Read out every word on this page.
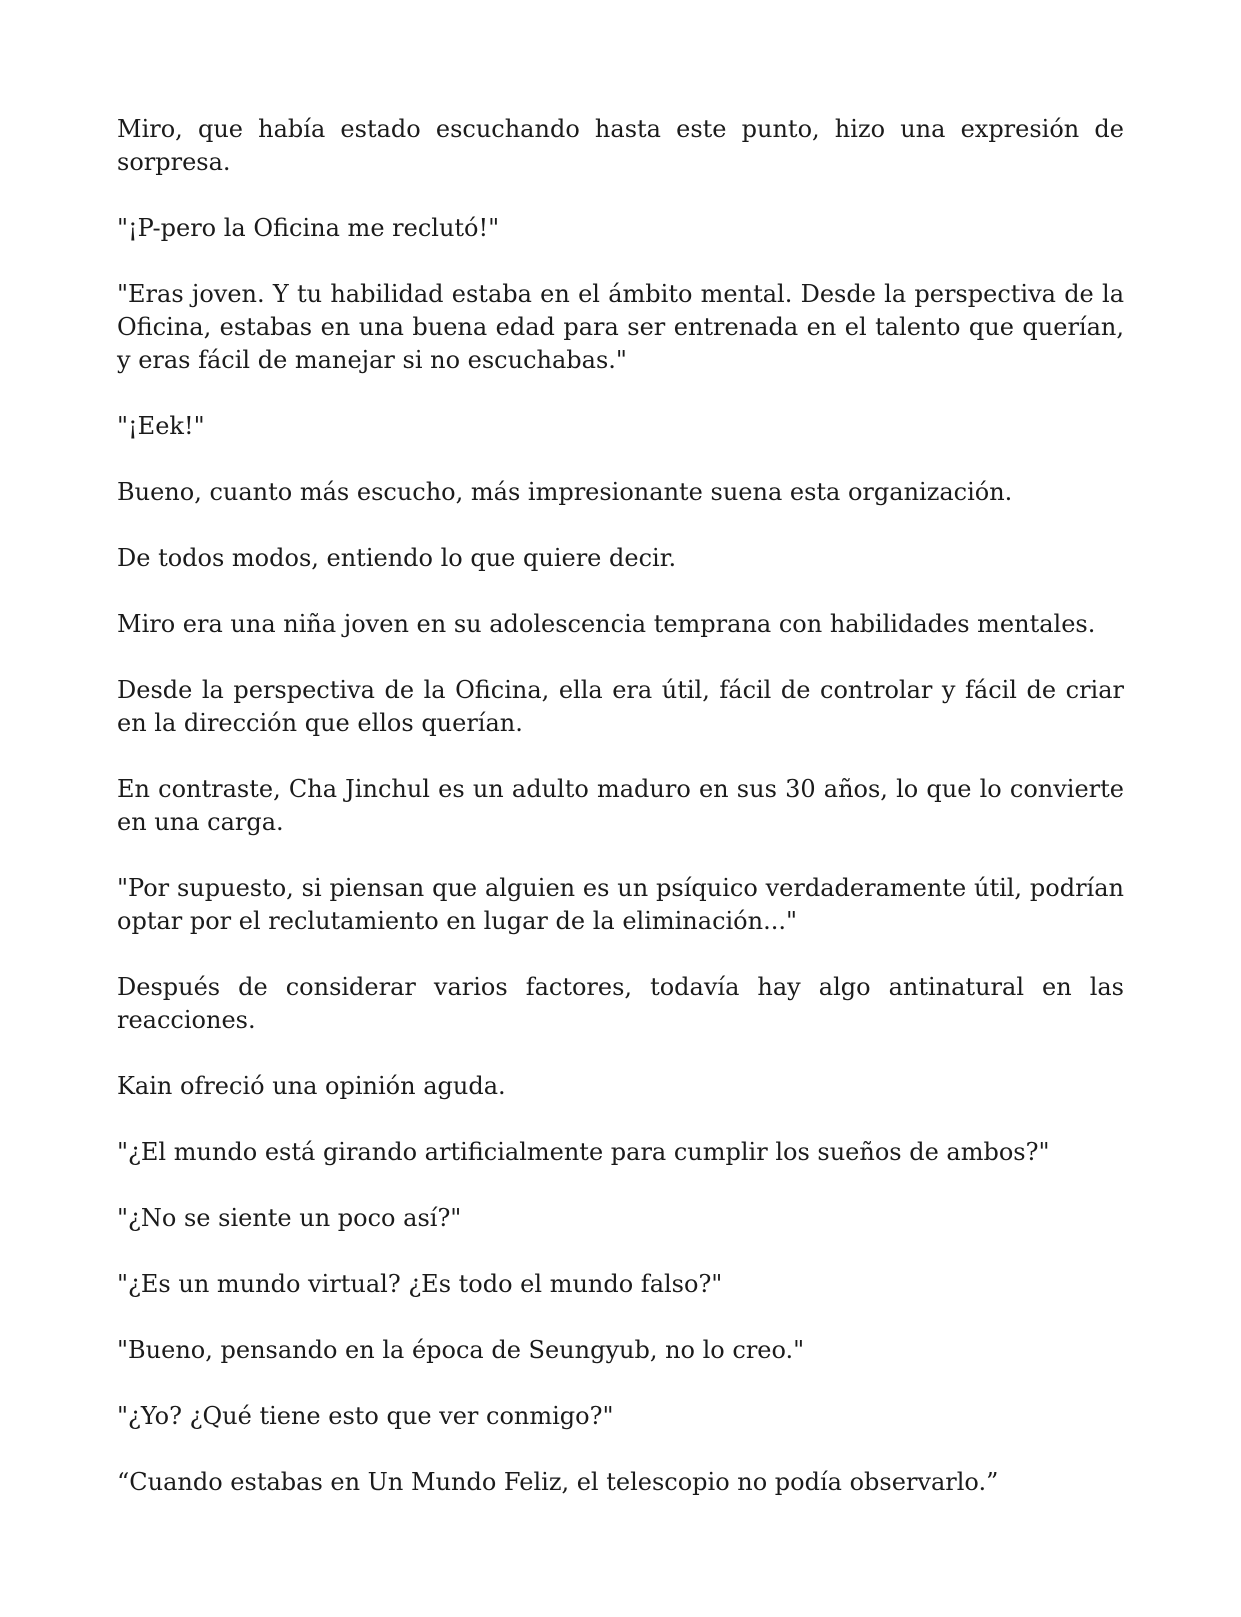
Miro, que había estado escuchando hasta este punto, hizo una expresión de sorpresa.

"¡P-pero la Oficina me reclutó!"

"Eras joven. Y tu habilidad estaba en el ámbito mental. Desde la perspectiva de la Oficina, estabas en una buena edad para ser entrenada en el talento que querían, y eras fácil de manejar si no escuchabas."

"¡Eek!"

Bueno, cuanto más escucho, más impresionante suena esta organización.

De todos modos, entiendo lo que quiere decir.

Miro era una niña joven en su adolescencia temprana con habilidades mentales.

Desde la perspectiva de la Oficina, ella era útil, fácil de controlar y fácil de criar en la dirección que ellos querían.

En contraste, Cha Jinchul es un adulto maduro en sus 30 años, lo que lo convierte en una carga.

"Por supuesto, si piensan que alguien es un psíquico verdaderamente útil, podrían optar por el reclutamiento en lugar de la eliminación..."

Después de considerar varios factores, todavía hay algo antinatural en las reacciones.

Kain ofreció una opinión aguda.

"¿El mundo está girando artificialmente para cumplir los sueños de ambos?"

"¿No se siente un poco así?"

"¿Es un mundo virtual? ¿Es todo el mundo falso?"

"Bueno, pensando en la época de Seungyub, no lo creo."

"¿Yo? ¿Qué tiene esto que ver conmigo?"

“Cuando estabas en Un Mundo Feliz, el telescopio no podía observarlo.”
